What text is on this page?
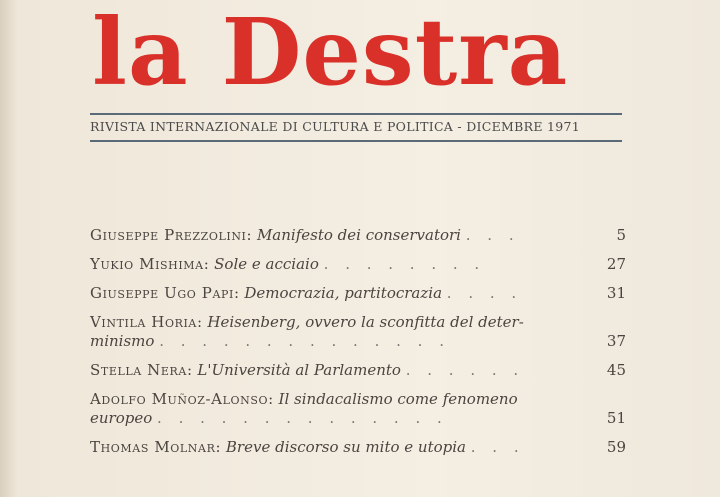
la Destra
RIVISTA INTERNAZIONALE DI CULTURA E POLITICA - DICEMBRE 1971
Giuseppe Prezzolini: Manifesto dei conservatori . . .	5
Yukio Mishima: Sole e acciaio . . . . . . . .	27
Giuseppe Ugo Papi: Democrazia, partitocrazia . . . .	31
Vintila Horia: Heisenberg, ovvero la sconfitta del deter-
minismo . . . . . . . . . . . . . .	37
Stella Nera: L'Università al Parlamento . . . . . .	45
Adolfo Muñoz-Alonso: Il sindacalismo come fenomeno
europeo . . . . . . . . . . . . . .	51
Thomas Molnar: Breve discorso su mito e utopia . . .	59
